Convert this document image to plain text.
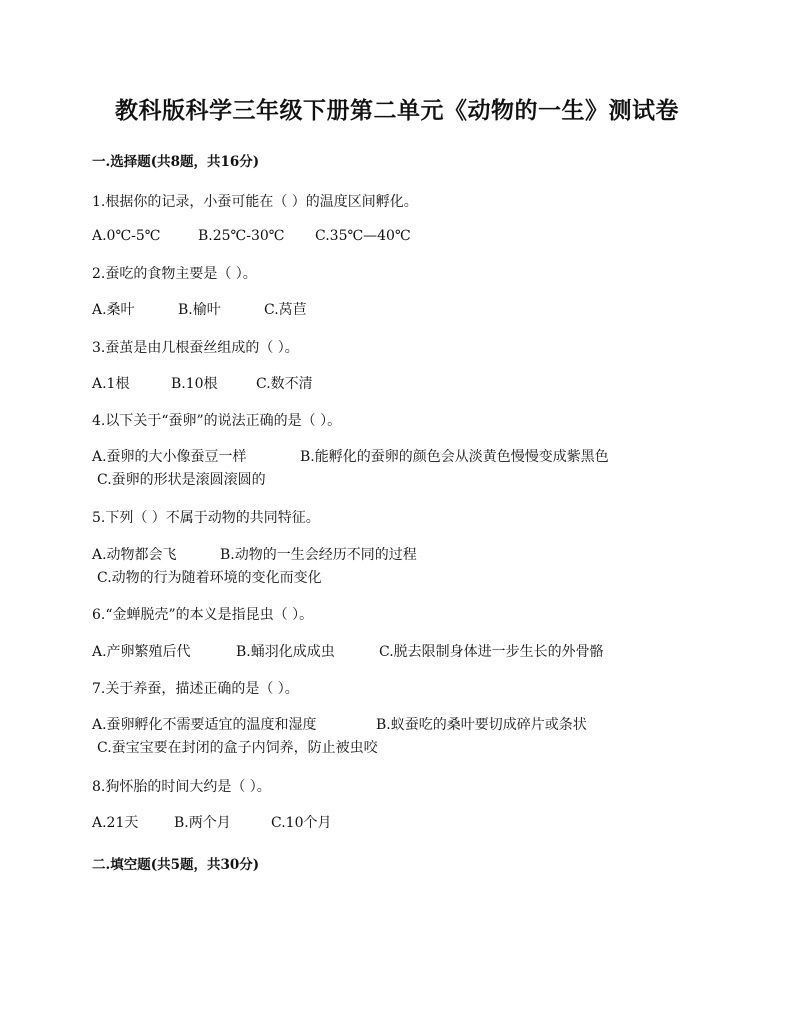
教科版科学三年级下册第二单元《动物的一生》测试卷
一.选择题(共8题，共16分)
1.根据你的记录，小蚕可能在（ ）的温度区间孵化。
A.0℃-5℃	B.25℃-30℃ C.35℃—40℃
2.蚕吃的食物主要是（ ）。
A.桑叶	B.榆叶	C.莴苣
3.蚕茧是由几根蚕丝组成的（ ）。
A.1根	B.10根	C.数不清
4.以下关于“蚕卵”的说法正确的是（ ）。
A.蚕卵的大小像蚕豆一样	B.能孵化的蚕卵的颜色会从淡黄色慢慢变成紫黑色
C.蚕卵的形状是滚圆滚圆的
5.下列（ ）不属于动物的共同特征。
A.动物都会飞	B.动物的一生会经历不同的过程
C.动物的行为随着环境的变化而变化
6.“金蝉脱壳”的本义是指昆虫（ ）。
A.产卵繁殖后代	B.蛹羽化成成虫	C.脱去限制身体进一步生长的外骨骼
7.关于养蚕，描述正确的是（ ）。
A.蚕卵孵化不需要适宜的温度和湿度	B.蚁蚕吃的桑叶要切成碎片或条状
C.蚕宝宝要在封闭的盒子内饲养，防止被虫咬
8.狗怀胎的时间大约是（ ）。
A.21天	B.两个月	C.10个月
二.填空题(共5题，共30分)
